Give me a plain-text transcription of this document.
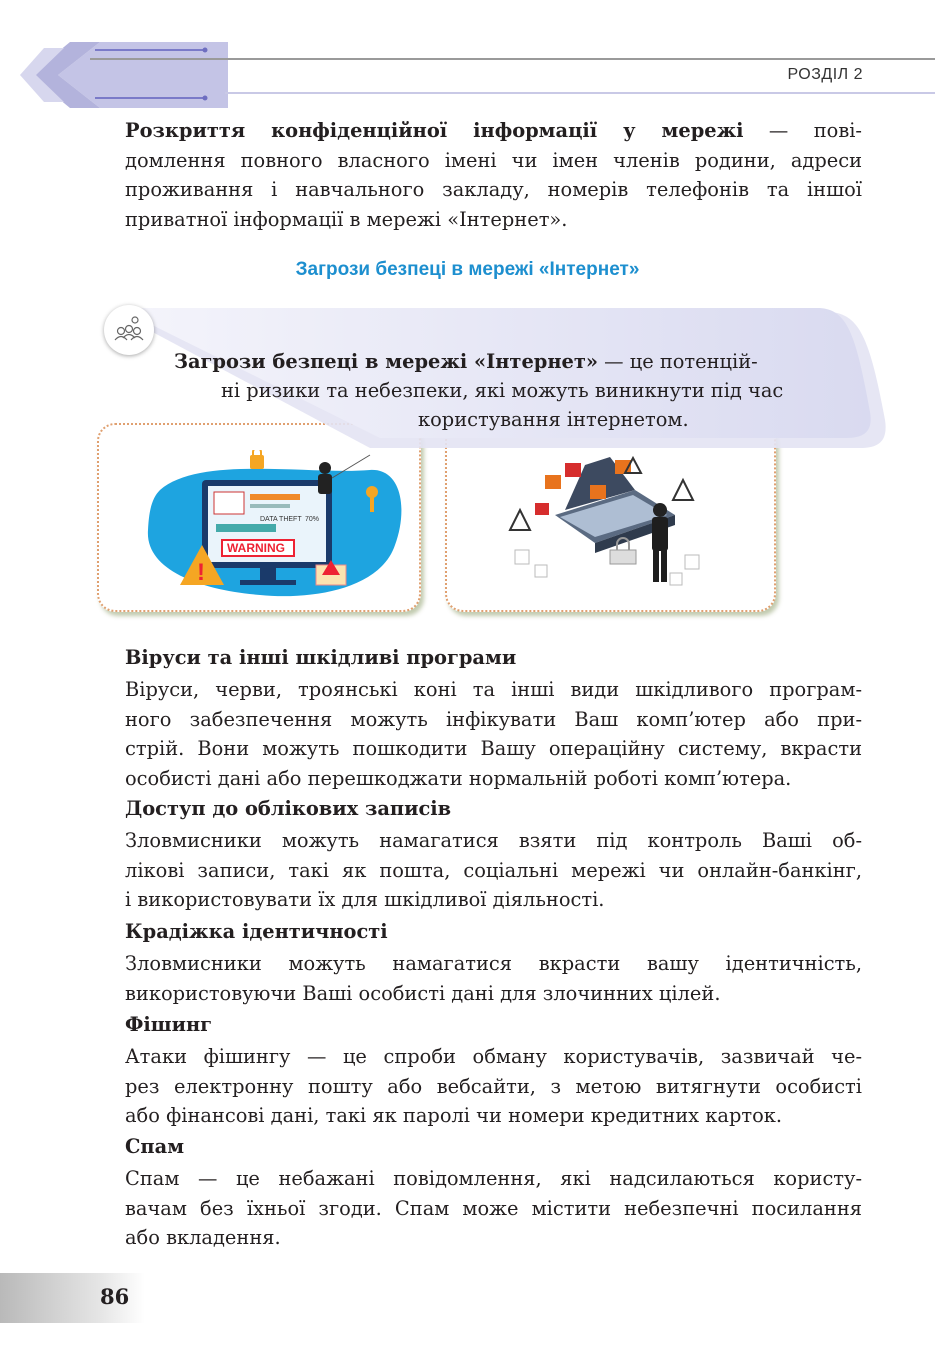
РОЗДІЛ 2
Розкриття конфіденційної інформації у мережі — пові-
домлення повного власного імені чи імен членів родини, адреси
проживання і навчального закладу, номерів телефонів та іншої
приватної інформації в мережі «Інтернет».
Загрози безпеці в мережі «Інтернет»
Загрози безпеці в мережі «Інтернет» — це потенцій-
ні ризики та небезпеки, які можуть виникнути під час
користування інтернетом.
DATA THEFT 70%
WARNING
!
Віруси та інші шкідливі програми
Віруси, черви, троянські коні та інші види шкідливого програм-
ного забезпечення можуть інфікувати Ваш комп’ютер або при-
стрій. Вони можуть пошкодити Вашу операційну систему, вкрасти
особисті дані або перешкоджати нормальній роботі комп’ютера.
Доступ до облікових записів
Зловмисники можуть намагатися взяти під контроль Ваші об-
лікові записи, такі як пошта, соціальні мережі чи онлайн-банкінг,
і використовувати їх для шкідливої діяльності.
Крадіжка ідентичності
Зловмисники можуть намагатися вкрасти вашу ідентичність,
використовуючи Ваші особисті дані для злочинних цілей.
Фішинг
Атаки фішингу — це спроби обману користувачів, зазвичай че-
рез електронну пошту або вебсайти, з метою витягнути особисті
або фінансові дані, такі як паролі чи номери кредитних карток.
Спам
Спам — це небажані повідомлення, які надсилаються користу-
вачам без їхньої згоди. Спам може містити небезпечні посилання
або вкладення.
86
